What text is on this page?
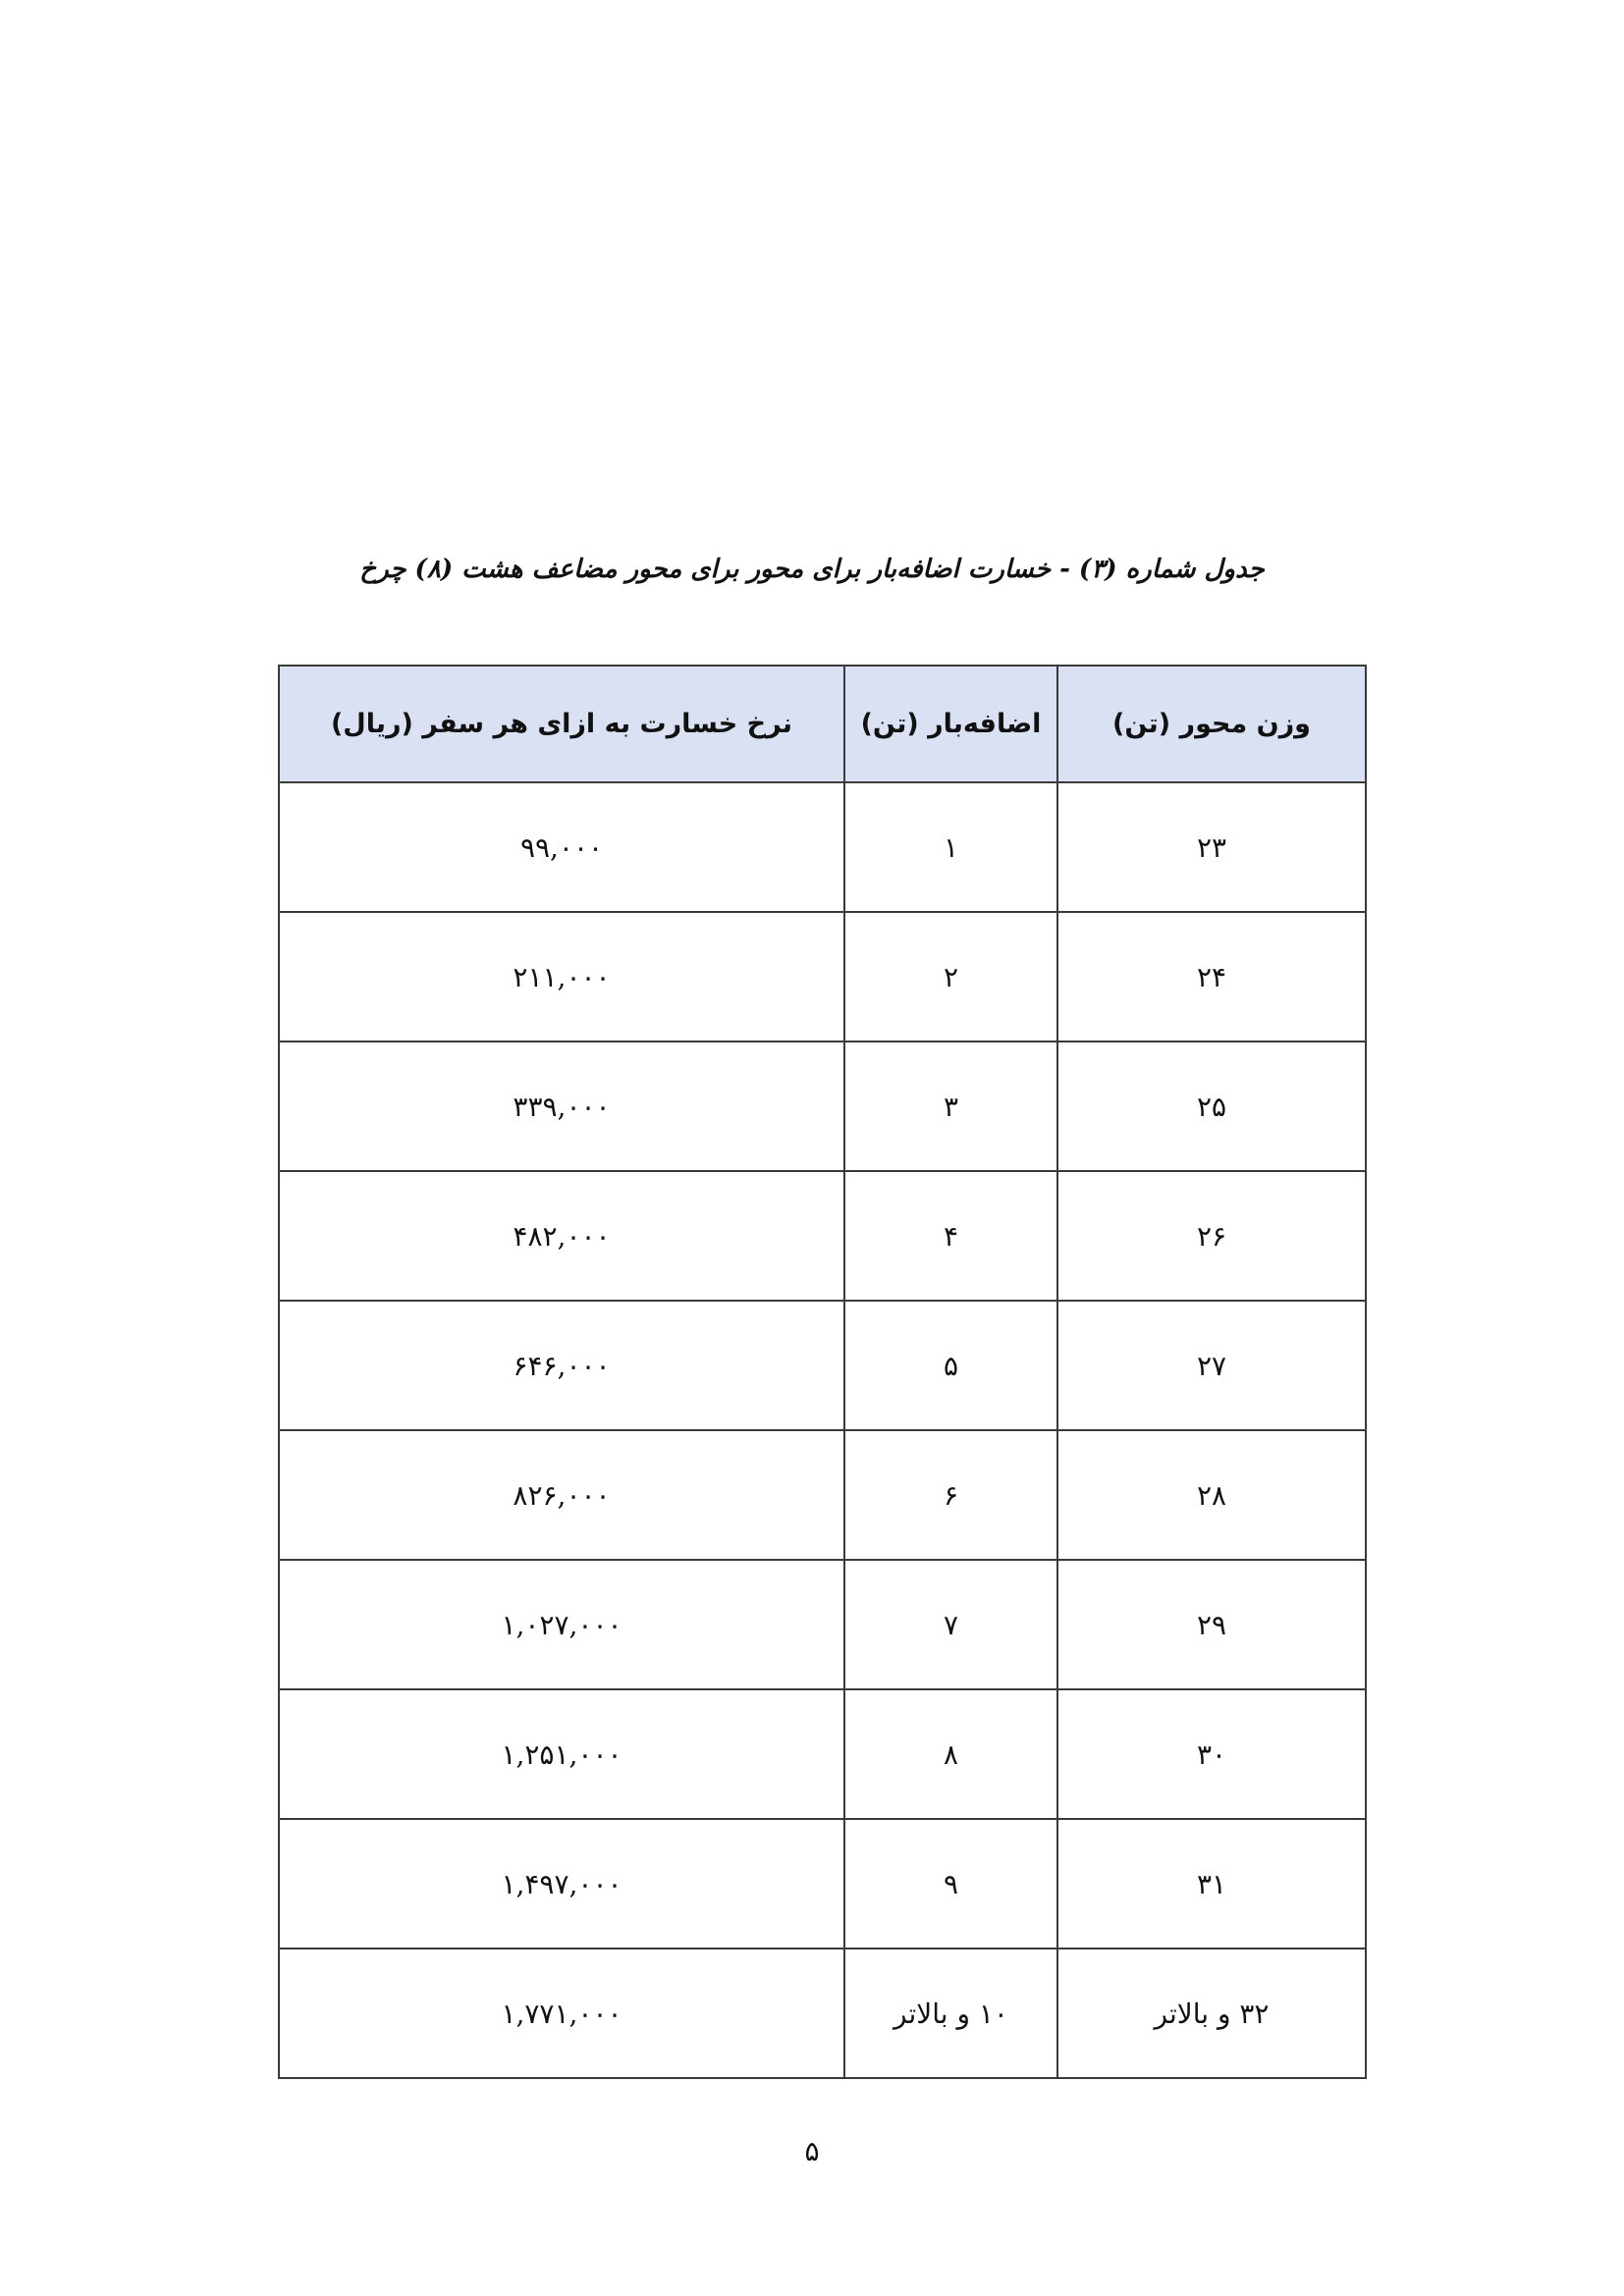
جدول شماره (۳) - خسارت اضافه‌بار برای محور برای محور مضاعف هشت (۸) چرخ
وزن محور (تن)	اضافه‌بار (تن)	نرخ خسارت به ازای هر سفر (ریال)
۲۳	۱	۹۹,۰۰۰
۲۴	۲	۲۱۱,۰۰۰
۲۵	۳	۳۳۹,۰۰۰
۲۶	۴	۴۸۲,۰۰۰
۲۷	۵	۶۴۶,۰۰۰
۲۸	۶	۸۲۶,۰۰۰
۲۹	۷	۱,۰۲۷,۰۰۰
۳۰	۸	۱,۲۵۱,۰۰۰
۳۱	۹	۱,۴۹۷,۰۰۰
۳۲ و بالاتر	۱۰ و بالاتر	۱,۷۷۱,۰۰۰
۵
